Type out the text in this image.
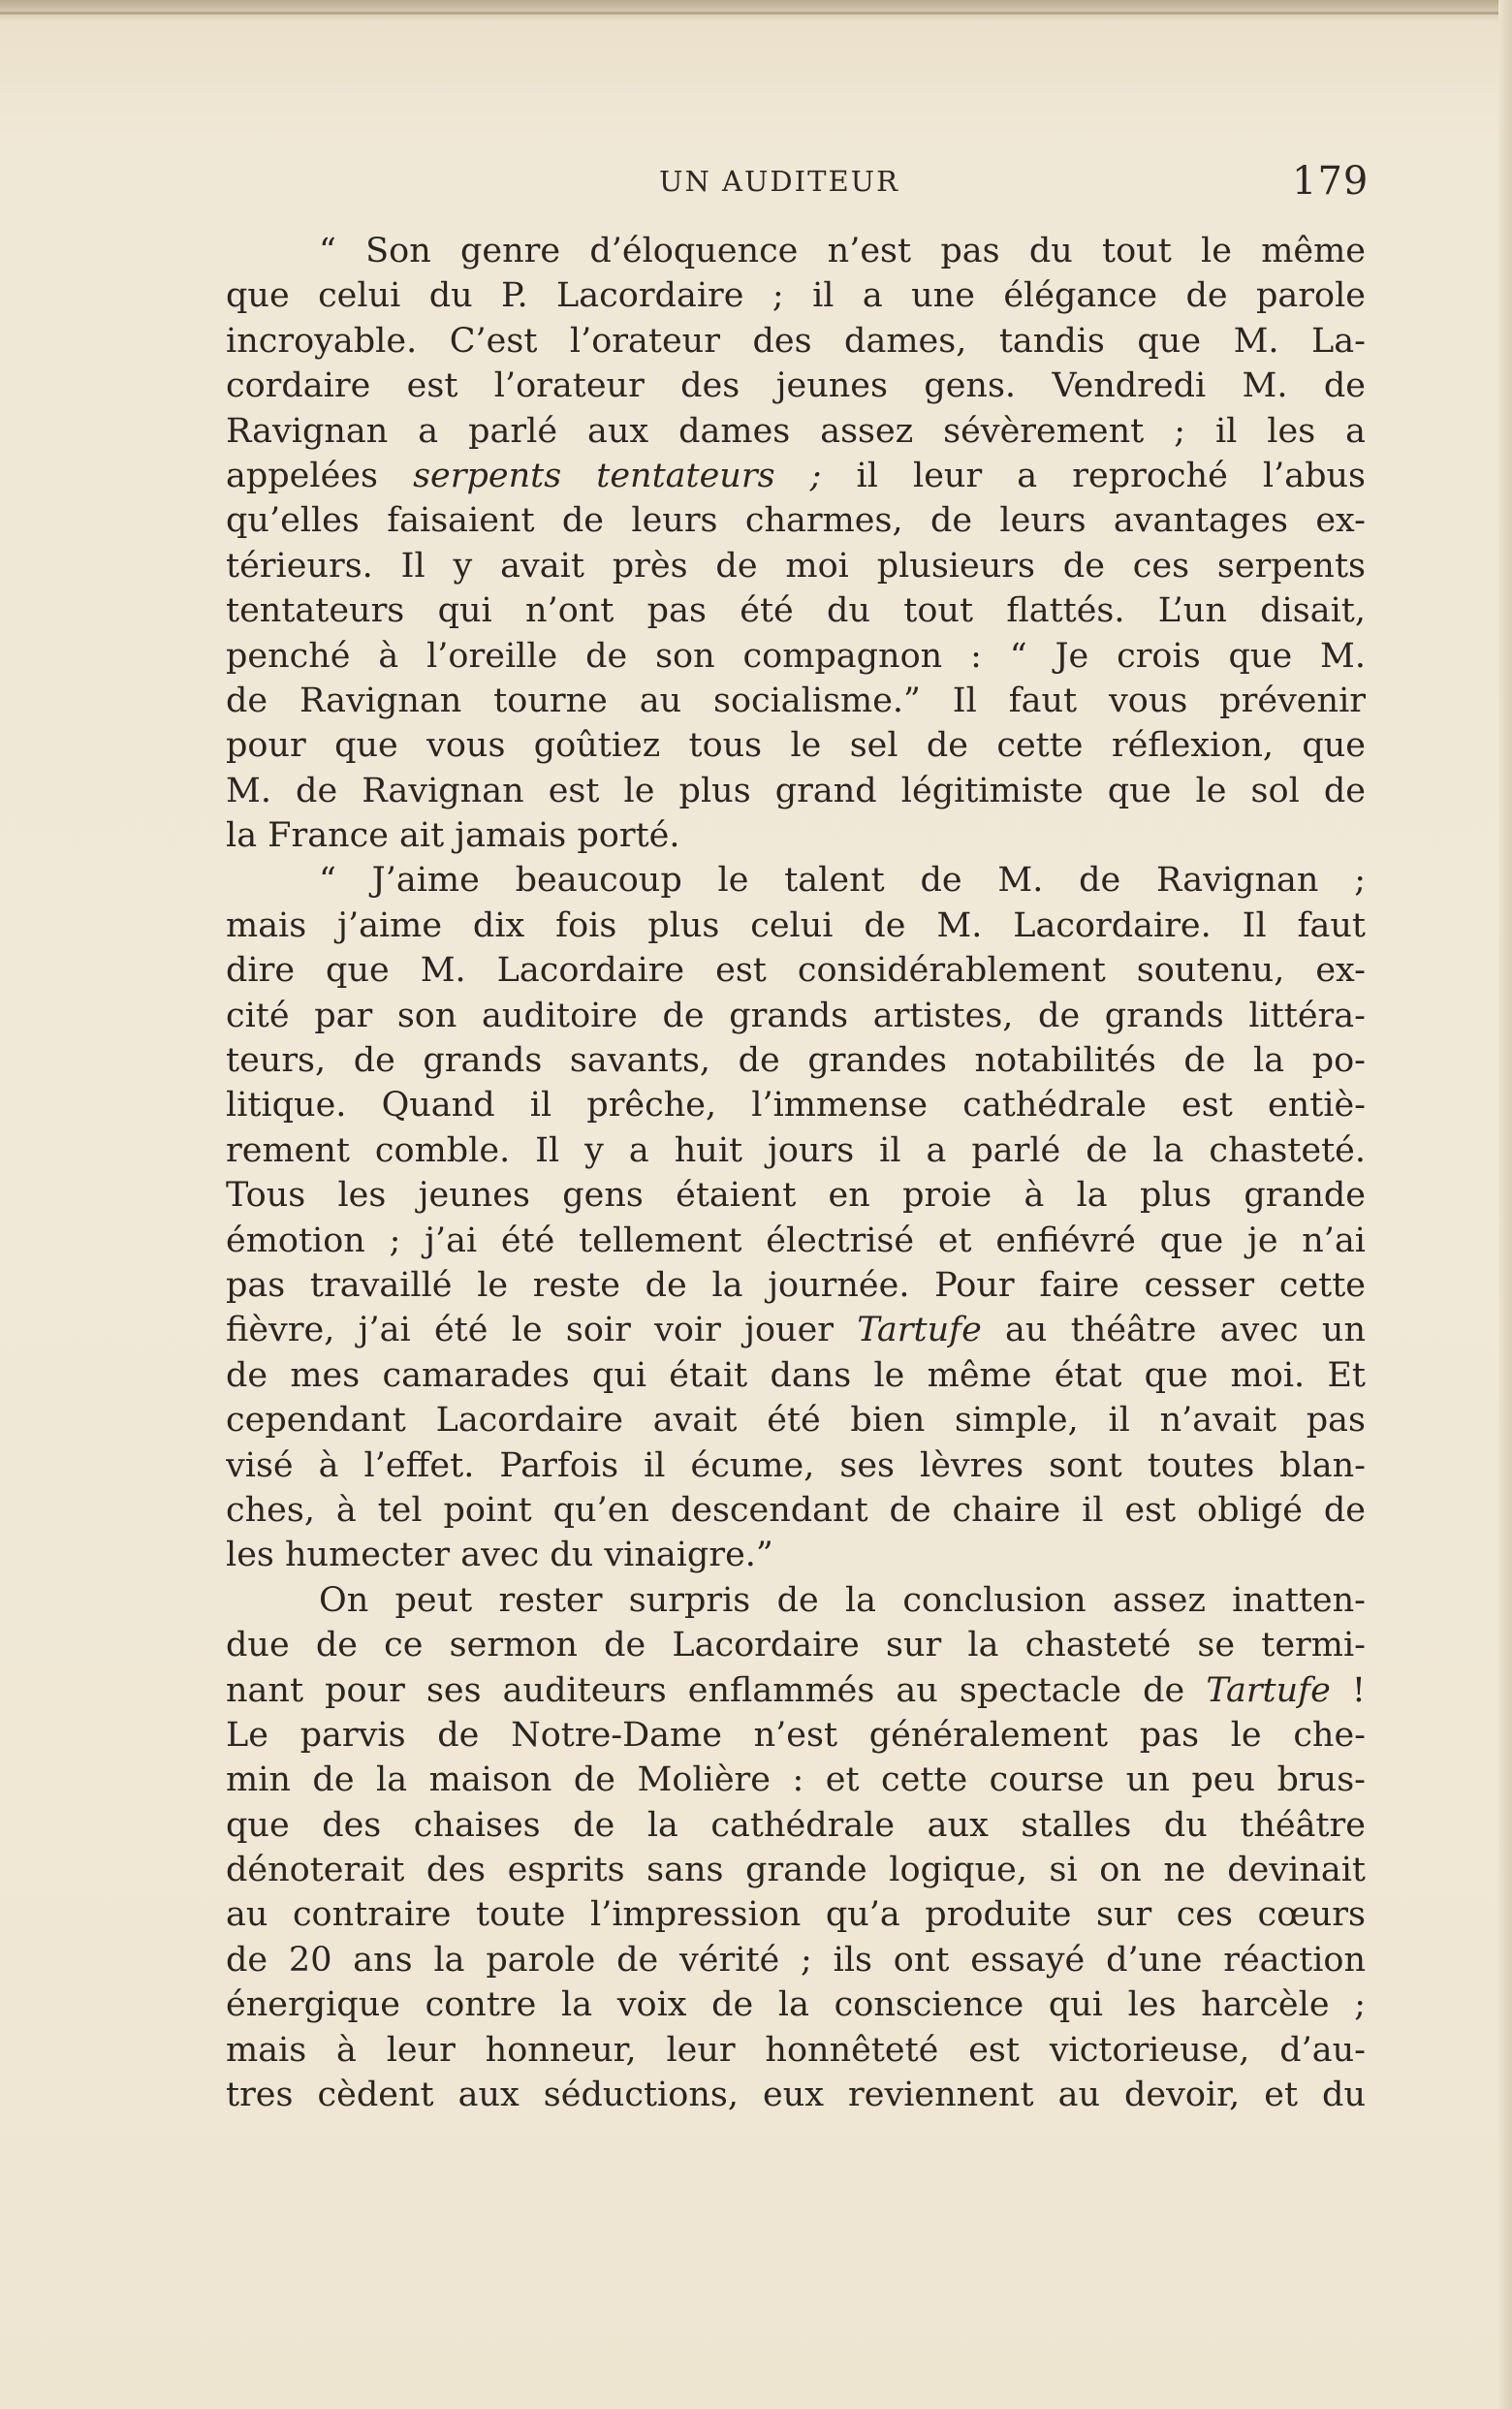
UN AUDITEUR	179
“ Son genre d’éloquence n’est pas du tout le même
que celui du P. Lacordaire ; il a une élégance de parole
incroyable. C’est l’orateur des dames, tandis que M. La-
cordaire est l’orateur des jeunes gens. Vendredi M. de
Ravignan a parlé aux dames assez sévèrement ; il les a
appelées serpents tentateurs ; il leur a reproché l’abus
qu’elles faisaient de leurs charmes, de leurs avantages ex-
térieurs. Il y avait près de moi plusieurs de ces serpents
tentateurs qui n’ont pas été du tout flattés. L’un disait,
penché à l’oreille de son compagnon : “ Je crois que M.
de Ravignan tourne au socialisme.” Il faut vous prévenir
pour que vous goûtiez tous le sel de cette réflexion, que
M. de Ravignan est le plus grand légitimiste que le sol de
la France ait jamais porté.
“ J’aime beaucoup le talent de M. de Ravignan ;
mais j’aime dix fois plus celui de M. Lacordaire. Il faut
dire que M. Lacordaire est considérablement soutenu, ex-
cité par son auditoire de grands artistes, de grands littéra-
teurs, de grands savants, de grandes notabilités de la po-
litique. Quand il prêche, l’immense cathédrale est entiè-
rement comble. Il y a huit jours il a parlé de la chasteté.
Tous les jeunes gens étaient en proie à la plus grande
émotion ; j’ai été tellement électrisé et enfiévré que je n’ai
pas travaillé le reste de la journée. Pour faire cesser cette
fièvre, j’ai été le soir voir jouer Tartufe au théâtre avec un
de mes camarades qui était dans le même état que moi. Et
cependant Lacordaire avait été bien simple, il n’avait pas
visé à l’effet. Parfois il écume, ses lèvres sont toutes blan-
ches, à tel point qu’en descendant de chaire il est obligé de
les humecter avec du vinaigre.”
On peut rester surpris de la conclusion assez inatten-
due de ce sermon de Lacordaire sur la chasteté se termi-
nant pour ses auditeurs enflammés au spectacle de Tartufe !
Le parvis de Notre-Dame n’est généralement pas le che-
min de la maison de Molière : et cette course un peu brus-
que des chaises de la cathédrale aux stalles du théâtre
dénoterait des esprits sans grande logique, si on ne devinait
au contraire toute l’impression qu’a produite sur ces cœurs
de 20 ans la parole de vérité ; ils ont essayé d’une réaction
énergique contre la voix de la conscience qui les harcèle ;
mais à leur honneur, leur honnêteté est victorieuse, d’au-
tres cèdent aux séductions, eux reviennent au devoir, et du
